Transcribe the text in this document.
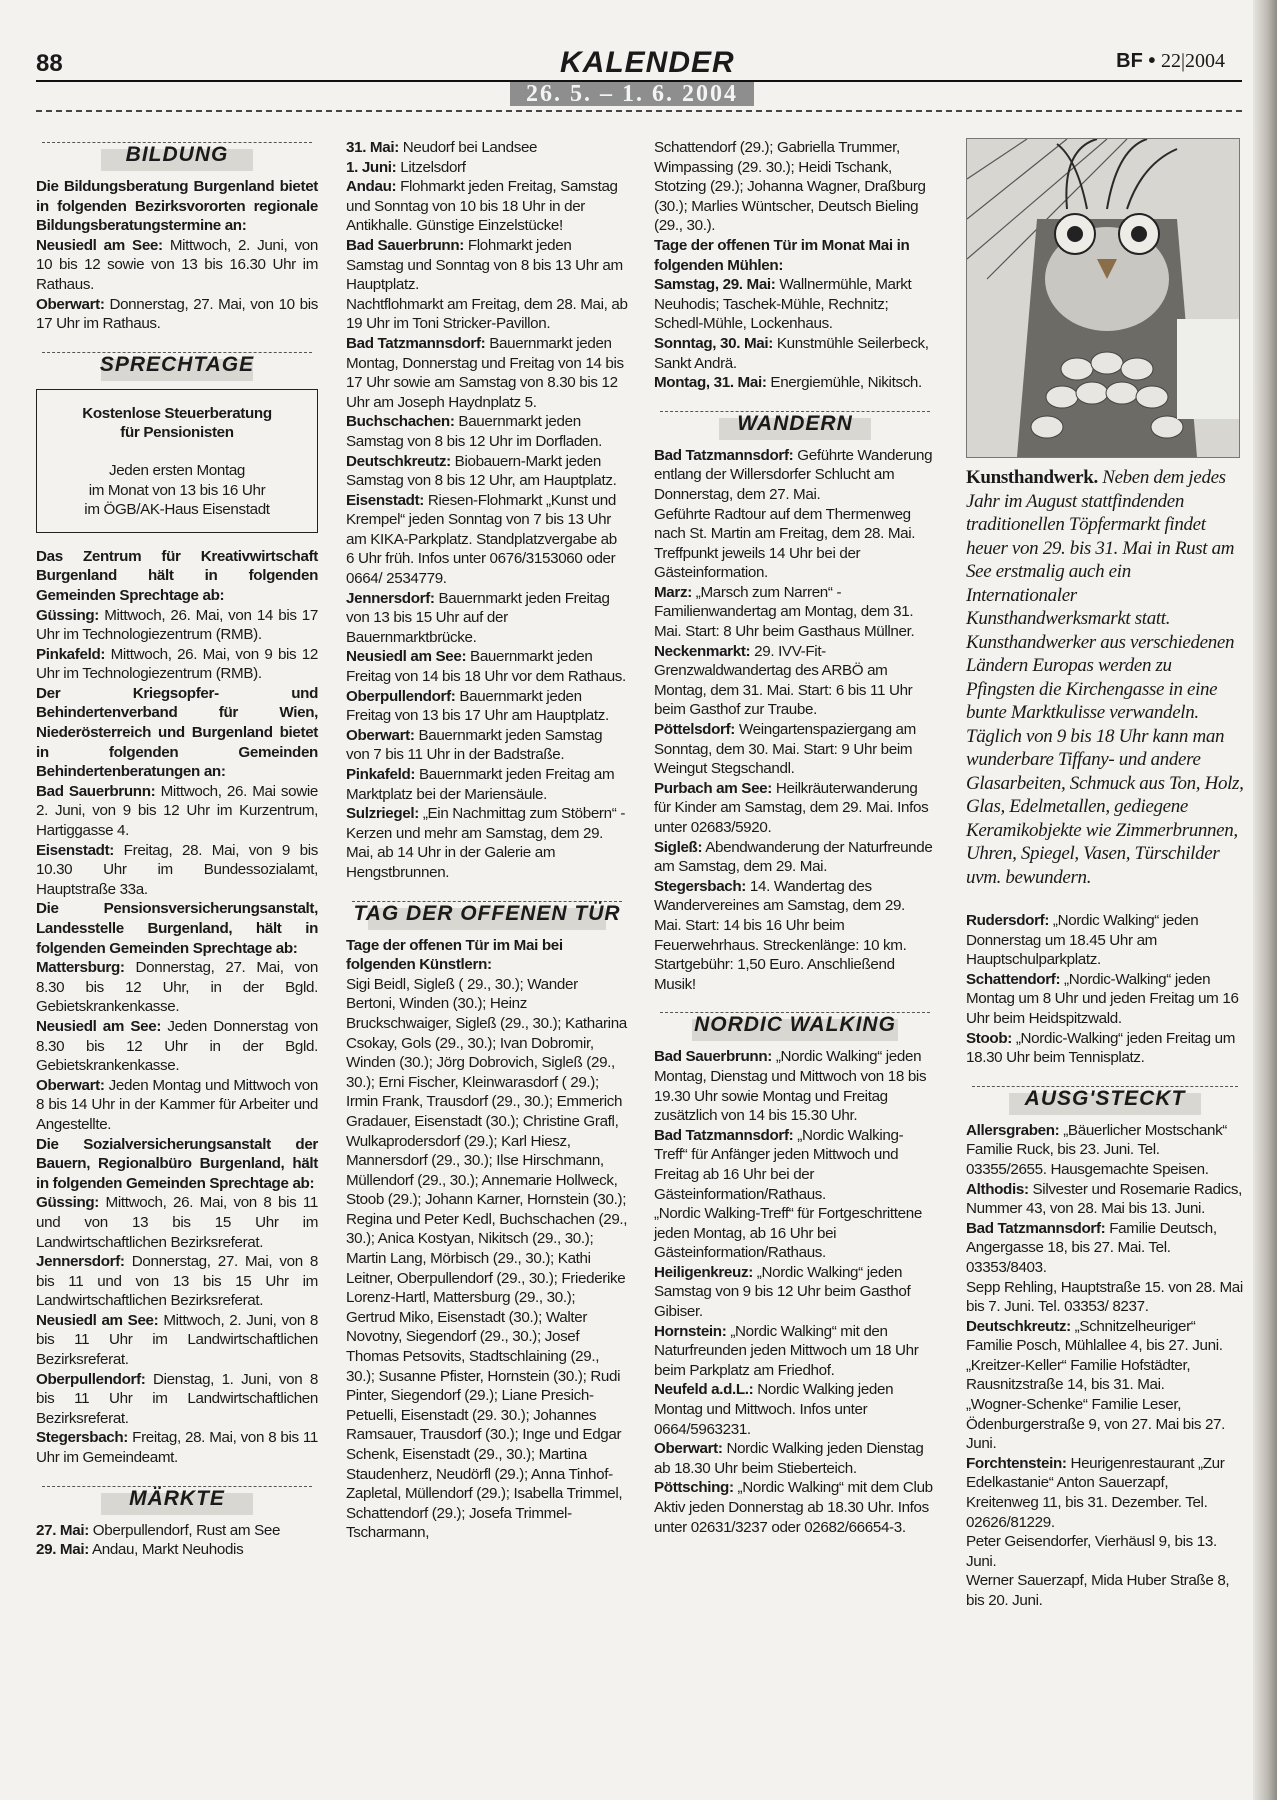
88	KALENDER	BF • 22|2004
26. 5. – 1. 6. 2004
BILDUNG

Die Bildungsberatung Burgenland bietet in folgenden Bezirksvororten regionale Bildungsberatungstermine an:

Neusiedl am See: Mittwoch, 2. Juni, von 10 bis 12 sowie von 13 bis 16.30 Uhr im Rathaus.

Oberwart: Donnerstag, 27. Mai, von 10 bis 17 Uhr im Rathaus.

SPRECHTAGE
Kostenlose Steuerberatung
für Pensionisten
Jeden ersten Montag
im Monat von 13 bis 16 Uhr
im ÖGB/AK-Haus Eisenstadt

Das Zentrum für Kreativwirtschaft Burgenland hält in folgenden Gemeinden Sprechtage ab:

Güssing: Mittwoch, 26. Mai, von 14 bis 17 Uhr im Technologiezentrum (RMB).

Pinkafeld: Mittwoch, 26. Mai, von 9 bis 12 Uhr im Technologiezentrum (RMB).

Der Kriegsopfer- und Behindertenverband für Wien, Niederösterreich und Burgenland bietet in folgenden Gemeinden Behindertenberatungen an:

Bad Sauerbrunn: Mittwoch, 26. Mai sowie 2. Juni, von 9 bis 12 Uhr im Kurzentrum, Hartiggasse 4.

Eisenstadt: Freitag, 28. Mai, von 9 bis 10.30 Uhr im Bundessozialamt, Hauptstraße 33a.

Die Pensionsversicherungsanstalt, Landesstelle Burgenland, hält in folgenden Gemeinden Sprechtage ab:

Mattersburg: Donnerstag, 27. Mai, von 8.30 bis 12 Uhr, in der Bgld. Gebietskrankenkasse.

Neusiedl am See: Jeden Donnerstag von 8.30 bis 12 Uhr in der Bgld. Gebietskrankenkasse.

Oberwart: Jeden Montag und Mittwoch von 8 bis 14 Uhr in der Kammer für Arbeiter und Angestellte.

Die Sozialversicherungsanstalt der Bauern, Regionalbüro Burgenland, hält in folgenden Gemeinden Sprechtage ab:

Güssing: Mittwoch, 26. Mai, von 8 bis 11 und von 13 bis 15 Uhr im Landwirtschaftlichen Bezirksreferat.

Jennersdorf: Donnerstag, 27. Mai, von 8 bis 11 und von 13 bis 15 Uhr im Landwirtschaftlichen Bezirksreferat.

Neusiedl am See: Mittwoch, 2. Juni, von 8 bis 11 Uhr im Landwirtschaftlichen Bezirksreferat.

Oberpullendorf: Dienstag, 1. Juni, von 8 bis 11 Uhr im Landwirtschaftlichen Bezirksreferat.

Stegersbach: Freitag, 28. Mai, von 8 bis 11 Uhr im Gemeindeamt.

MÄRKTE

27. Mai: Oberpullendorf, Rust am See

29. Mai: Andau, Markt Neuhodis

31. Mai: Neudorf bei Landsee

1. Juni: Litzelsdorf

Andau: Flohmarkt jeden Freitag, Samstag und Sonntag von 10 bis 18 Uhr in der Antikhalle. Günstige Einzelstücke!

Bad Sauerbrunn: Flohmarkt jeden Samstag und Sonntag von 8 bis 13 Uhr am Hauptplatz.

Nachtflohmarkt am Freitag, dem 28. Mai, ab 19 Uhr im Toni Stricker-Pavillon.

Bad Tatzmannsdorf: Bauernmarkt jeden Montag, Donnerstag und Freitag von 14 bis 17 Uhr sowie am Samstag von 8.30 bis 12 Uhr am Joseph Haydnplatz 5.

Buchschachen: Bauernmarkt jeden Samstag von 8 bis 12 Uhr im Dorfladen.

Deutschkreutz: Biobauern-Markt jeden Samstag von 8 bis 12 Uhr, am Hauptplatz.

Eisenstadt: Riesen-Flohmarkt „Kunst und Krempel“ jeden Sonntag von 7 bis 13 Uhr am KIKA-Parkplatz. Standplatzvergabe ab 6 Uhr früh. Infos unter 0676/3153060 oder 0664/ 2534779.

Jennersdorf: Bauernmarkt jeden Freitag von 13 bis 15 Uhr auf der Bauernmarktbrücke.

Neusiedl am See: Bauernmarkt jeden Freitag von 14 bis 18 Uhr vor dem Rathaus.

Oberpullendorf: Bauernmarkt jeden Freitag von 13 bis 17 Uhr am Hauptplatz.

Oberwart: Bauernmarkt jeden Samstag von 7 bis 11 Uhr in der Badstraße.

Pinkafeld: Bauernmarkt jeden Freitag am Marktplatz bei der Mariensäule.

Sulzriegel: „Ein Nachmittag zum Stöbern“ - Kerzen und mehr am Samstag, dem 29. Mai, ab 14 Uhr in der Galerie am Hengstbrunnen.

TAG DER OFFENEN TÜR

Tage der offenen Tür im Mai bei folgenden Künstlern:

Sigi Beidl, Sigleß ( 29., 30.); Wander Bertoni, Winden (30.); Heinz Bruckschwaiger, Sigleß (29., 30.); Katharina Csokay, Gols (29., 30.); Ivan Dobromir, Winden (30.); Jörg Dobrovich, Sigleß (29., 30.); Erni Fischer, Kleinwarasdorf ( 29.); Irmin Frank, Trausdorf (29., 30.); Emmerich Gradauer, Eisenstadt (30.); Christine Grafl, Wulkaprodersdorf (29.); Karl Hiesz, Mannersdorf (29., 30.); Ilse Hirschmann, Müllendorf (29., 30.); Annemarie Hollweck, Stoob (29.); Johann Karner, Hornstein (30.); Regina und Peter Kedl, Buchschachen (29., 30.); Anica Kostyan, Nikitsch (29., 30.); Martin Lang, Mörbisch (29., 30.); Kathi Leitner, Oberpullendorf (29., 30.); Friederike Lorenz-Hartl, Mattersburg (29., 30.); Gertrud Miko, Eisenstadt (30.); Walter Novotny, Siegendorf (29., 30.); Josef Thomas Petsovits, Stadtschlaining (29., 30.); Susanne Pfister, Hornstein (30.); Rudi Pinter, Siegendorf (29.); Liane Presich-Petuelli, Eisenstadt (29. 30.); Johannes Ramsauer, Trausdorf (30.); Inge und Edgar Schenk, Eisenstadt (29., 30.); Martina Staudenherz, Neudörfl (29.); Anna Tinhof-Zapletal, Müllendorf (29.); Isabella Trimmel, Schattendorf (29.); Josefa Trimmel-Tscharmann,

Schattendorf (29.); Gabriella Trummer, Wimpassing (29. 30.); Heidi Tschank, Stotzing (29.); Johanna Wagner, Draßburg (30.); Marlies Wüntscher, Deutsch Bieling (29., 30.).

Tage der offenen Tür im Monat Mai in folgenden Mühlen:

Samstag, 29. Mai: Wallnermühle, Markt Neuhodis; Taschek-Mühle, Rechnitz; Schedl-Mühle, Lockenhaus.

Sonntag, 30. Mai: Kunstmühle Seilerbeck, Sankt Andrä.

Montag, 31. Mai: Energiemühle, Nikitsch.

WANDERN

Bad Tatzmannsdorf: Geführte Wanderung entlang der Willersdorfer Schlucht am Donnerstag, dem 27. Mai.

Geführte Radtour auf dem Thermenweg nach St. Martin am Freitag, dem 28. Mai. Treffpunkt jeweils 14 Uhr bei der Gästeinformation.

Marz: „Marsch zum Narren“ - Familienwandertag am Montag, dem 31. Mai. Start: 8 Uhr beim Gasthaus Müllner.

Neckenmarkt: 29. IVV-Fit-Grenzwaldwandertag des ARBÖ am Montag, dem 31. Mai. Start: 6 bis 11 Uhr beim Gasthof zur Traube.

Pöttelsdorf: Weingartenspaziergang am Sonntag, dem 30. Mai. Start: 9 Uhr beim Weingut Stegschandl.

Purbach am See: Heilkräuterwanderung für Kinder am Samstag, dem 29. Mai. Infos unter 02683/5920.

Sigleß: Abendwanderung der Naturfreunde am Samstag, dem 29. Mai.

Stegersbach: 14. Wandertag des Wandervereines am Samstag, dem 29. Mai. Start: 14 bis 16 Uhr beim Feuerwehrhaus. Streckenlänge: 10 km. Startgebühr: 1,50 Euro. Anschließend Musik!

NORDIC WALKING

Bad Sauerbrunn: „Nordic Walking“ jeden Montag, Dienstag und Mittwoch von 18 bis 19.30 Uhr sowie Montag und Freitag zusätzlich von 14 bis 15.30 Uhr.

Bad Tatzmannsdorf: „Nordic Walking-Treff“ für Anfänger jeden Mittwoch und Freitag ab 16 Uhr bei der Gästeinformation/Rathaus.

„Nordic Walking-Treff“ für Fortgeschrittene jeden Montag, ab 16 Uhr bei Gästeinformation/Rathaus.

Heiligenkreuz: „Nordic Walking“ jeden Samstag von 9 bis 12 Uhr beim Gasthof Gibiser.

Hornstein: „Nordic Walking“ mit den Naturfreunden jeden Mittwoch um 18 Uhr beim Parkplatz am Friedhof.

Neufeld a.d.L.: Nordic Walking jeden Montag und Mittwoch. Infos unter 0664/5963231.

Oberwart: Nordic Walking jeden Dienstag ab 18.30 Uhr beim Stieberteich.

Pöttsching: „Nordic Walking“ mit dem Club Aktiv jeden Donnerstag ab 18.30 Uhr. Infos unter 02631/3237 oder 02682/66654-3.

Kunsthandwerk. Neben dem jedes Jahr im August stattfindenden traditionellen Töpfermarkt findet heuer von 29. bis 31. Mai in Rust am See erstmalig auch ein Internationaler Kunsthandwerksmarkt statt. Kunsthandwerker aus verschiedenen Ländern Europas werden zu Pfingsten die Kirchengasse in eine bunte Marktkulisse verwandeln. Täglich von 9 bis 18 Uhr kann man wunderbare Tiffany- und andere Glasarbeiten, Schmuck aus Ton, Holz, Glas, Edelmetallen, gediegene Keramikobjekte wie Zimmerbrunnen, Uhren, Spiegel, Vasen, Türschilder uvm. bewundern.

Rudersdorf: „Nordic Walking“ jeden Donnerstag um 18.45 Uhr am Hauptschulparkplatz.

Schattendorf: „Nordic-Walking“ jeden Montag um 8 Uhr und jeden Freitag um 16 Uhr beim Heidspitzwald.

Stoob: „Nordic-Walking“ jeden Freitag um 18.30 Uhr beim Tennisplatz.

AUSG'STECKT

Allersgraben: „Bäuerlicher Mostschank“ Familie Ruck, bis 23. Juni. Tel. 03355/2655. Hausgemachte Speisen.

Althodis: Silvester und Rosemarie Radics, Nummer 43, von 28. Mai bis 13. Juni.

Bad Tatzmannsdorf: Familie Deutsch, Angergasse 18, bis 27. Mai. Tel. 03353/8403.

Sepp Rehling, Hauptstraße 15. von 28. Mai bis 7. Juni. Tel. 03353/ 8237.

Deutschkreutz: „Schnitzelheuriger“ Familie Posch, Mühlallee 4, bis 27. Juni.

„Kreitzer-Keller“ Familie Hofstädter, Rausnitzstraße 14, bis 31. Mai.

„Wogner-Schenke“ Familie Leser, Ödenburgerstraße 9, von 27. Mai bis 27. Juni.

Forchtenstein: Heurigenrestaurant „Zur Edelkastanie“ Anton Sauerzapf, Kreitenweg 11, bis 31. Dezember. Tel. 02626/81229.

Peter Geisendorfer, Vierhäusl 9, bis 13. Juni.

Werner Sauerzapf, Mida Huber Straße 8, bis 20. Juni.
